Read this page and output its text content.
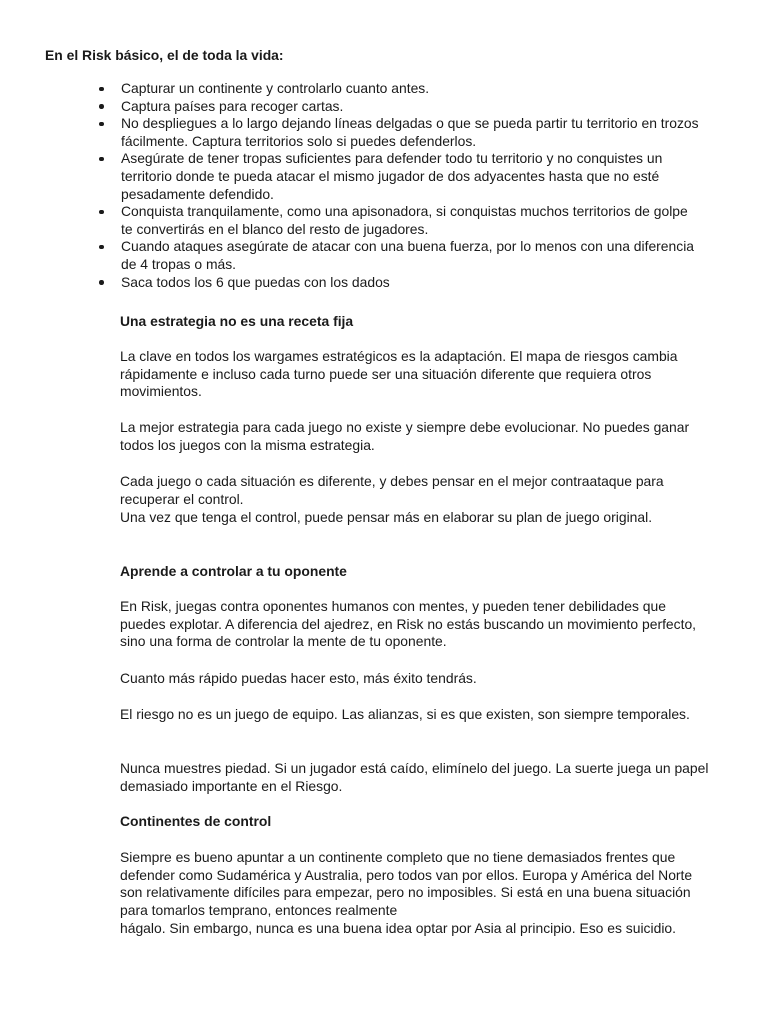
En el Risk básico, el de toda la vida:

Capturar un continente y controlarlo cuanto antes.
Captura países para recoger cartas.
No despliegues a lo largo dejando líneas delgadas o que se pueda partir tu territorio en trozos fácilmente. Captura territorios solo si puedes defenderlos.
Asegúrate de tener tropas suficientes para defender todo tu territorio y no conquistes un territorio donde te pueda atacar el mismo jugador de dos adyacentes hasta que no esté pesadamente defendido.
Conquista tranquilamente, como una apisonadora, si conquistas muchos territorios de golpe te convertirás en el blanco del resto de jugadores.
Cuando ataques asegúrate de atacar con una buena fuerza, por lo menos con una diferencia de 4 tropas o más.
Saca todos los 6 que puedas con los dados

Una estrategia no es una receta fija

La clave en todos los wargames estratégicos es la adaptación. El mapa de riesgos cambia rápidamente e incluso cada turno puede ser una situación diferente que requiera otros movimientos.

La mejor estrategia para cada juego no existe y siempre debe evolucionar. No puedes ganar todos los juegos con la misma estrategia.

Cada juego o cada situación es diferente, y debes pensar en el mejor contraataque para recuperar el control.

Una vez que tenga el control, puede pensar más en elaborar su plan de juego original.

Aprende a controlar a tu oponente

En Risk, juegas contra oponentes humanos con mentes, y pueden tener debilidades que puedes explotar. A diferencia del ajedrez, en Risk no estás buscando un movimiento perfecto, sino una forma de controlar la mente de tu oponente.

Cuanto más rápido puedas hacer esto, más éxito tendrás.

El riesgo no es un juego de equipo. Las alianzas, si es que existen, son siempre temporales.

Nunca muestres piedad. Si un jugador está caído, elimínelo del juego. La suerte juega un papel demasiado importante en el Riesgo.

Continentes de control

Siempre es bueno apuntar a un continente completo que no tiene demasiados frentes que defender como Sudamérica y Australia, pero todos van por ellos. Europa y América del Norte son relativamente difíciles para empezar, pero no imposibles. Si está en una buena situación para tomarlos temprano, entonces realmente

hágalo. Sin embargo, nunca es una buena idea optar por Asia al principio. Eso es suicidio.
